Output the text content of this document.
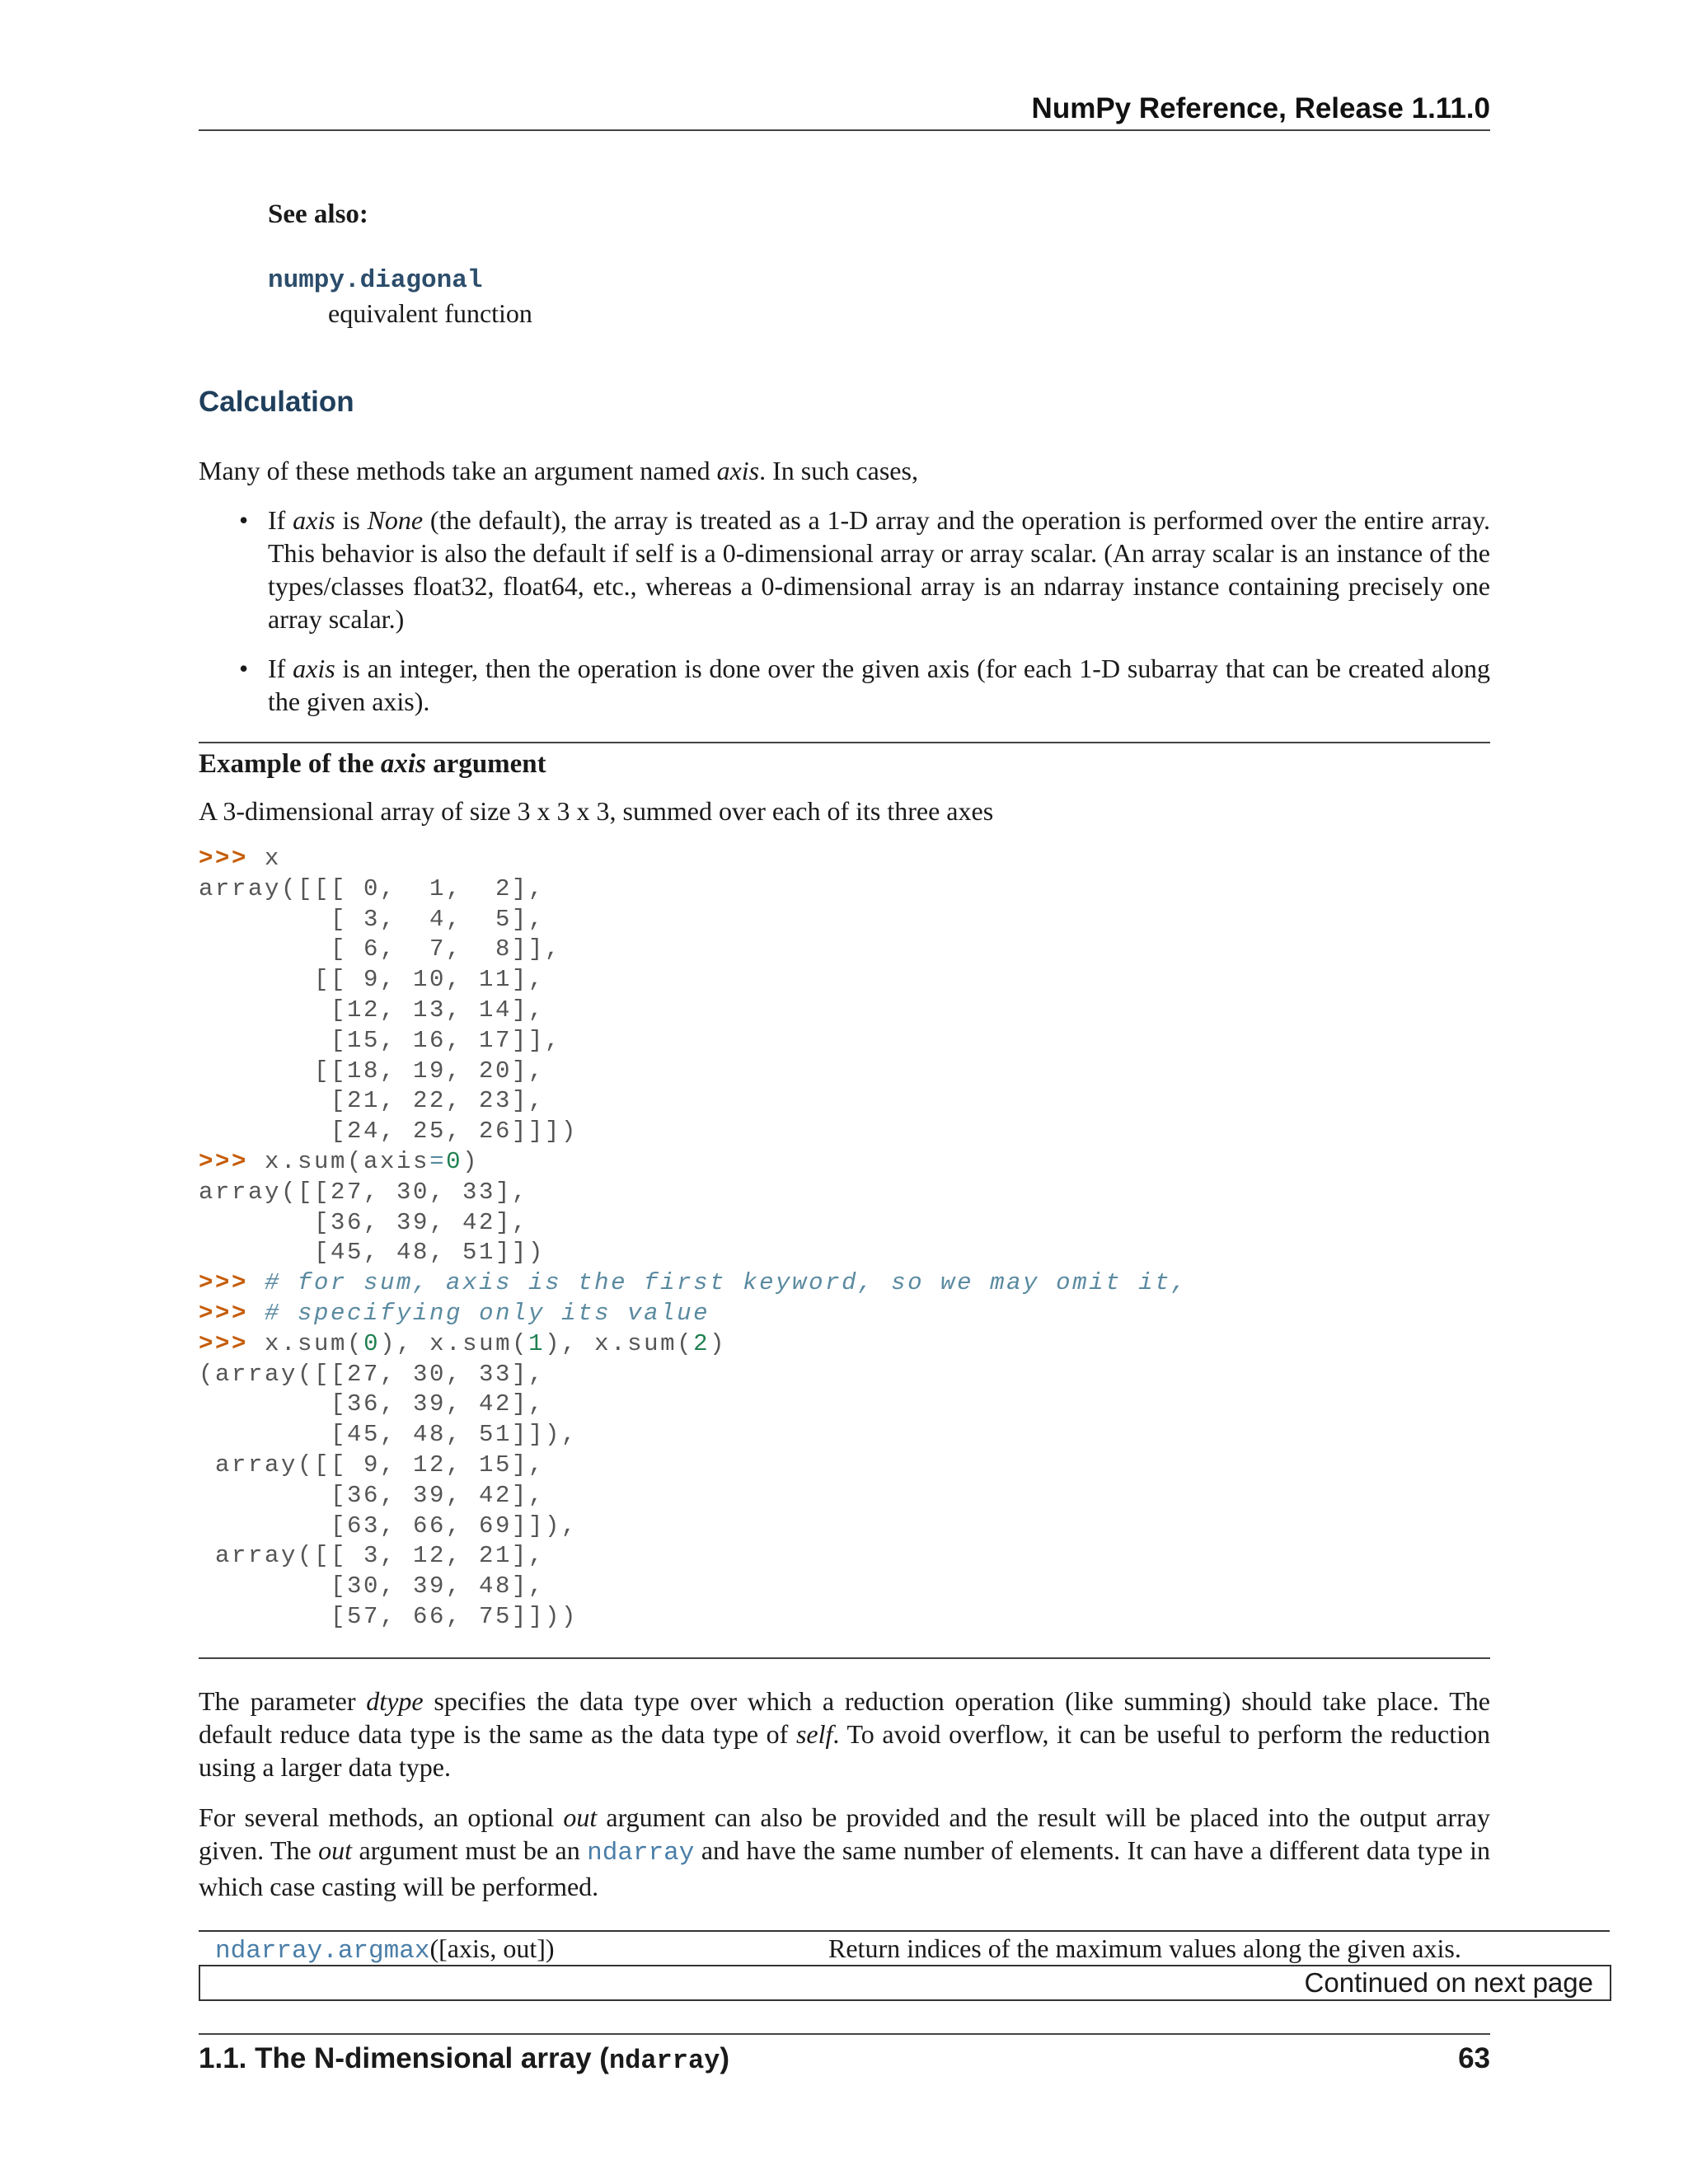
NumPy Reference, Release 1.11.0
See also:
numpy.diagonal
equivalent function
Calculation
Many of these methods take an argument named axis. In such cases,
• If axis is None (the default), the array is treated as a 1-D array and the operation is performed over the entire array. This behavior is also the default if self is a 0-dimensional array or array scalar. (An array scalar is an instance of the types/classes float32, float64, etc., whereas a 0-dimensional array is an ndarray instance containing precisely one array scalar.)
• If axis is an integer, then the operation is done over the given axis (for each 1-D subarray that can be created along the given axis).
Example of the axis argument
A 3-dimensional array of size 3 x 3 x 3, summed over each of its three axes
>>> x
array([[[ 0,  1,  2],
[ 3,  4,  5],
[ 6,  7,  8]],
[[ 9, 10, 11],
[12, 13, 14],
[15, 16, 17]],
[[18, 19, 20],
[21, 22, 23],
[24, 25, 26]]])
>>> x.sum(axis=0)
array([[27, 30, 33],
[36, 39, 42],
[45, 48, 51]])
>>> # for sum, axis is the first keyword, so we may omit it,
>>> # specifying only its value
>>> x.sum(0), x.sum(1), x.sum(2)
(array([[27, 30, 33],
[36, 39, 42],
[45, 48, 51]]),
array([[ 9, 12, 15],
[36, 39, 42],
[63, 66, 69]]),
array([[ 3, 12, 21],
[30, 39, 48],
[57, 66, 75]]))
The parameter dtype specifies the data type over which a reduction operation (like summing) should take place. The default reduce data type is the same as the data type of self. To avoid overflow, it can be useful to perform the reduction using a larger data type.
For several methods, an optional out argument can also be provided and the result will be placed into the output array given. The out argument must be an ndarray and have the same number of elements. It can have a different data type in which case casting will be performed.
ndarray.argmax([axis, out])	Return indices of the maximum values along the given axis.
Continued on next page
1.1. The N-dimensional array (ndarray)	63
